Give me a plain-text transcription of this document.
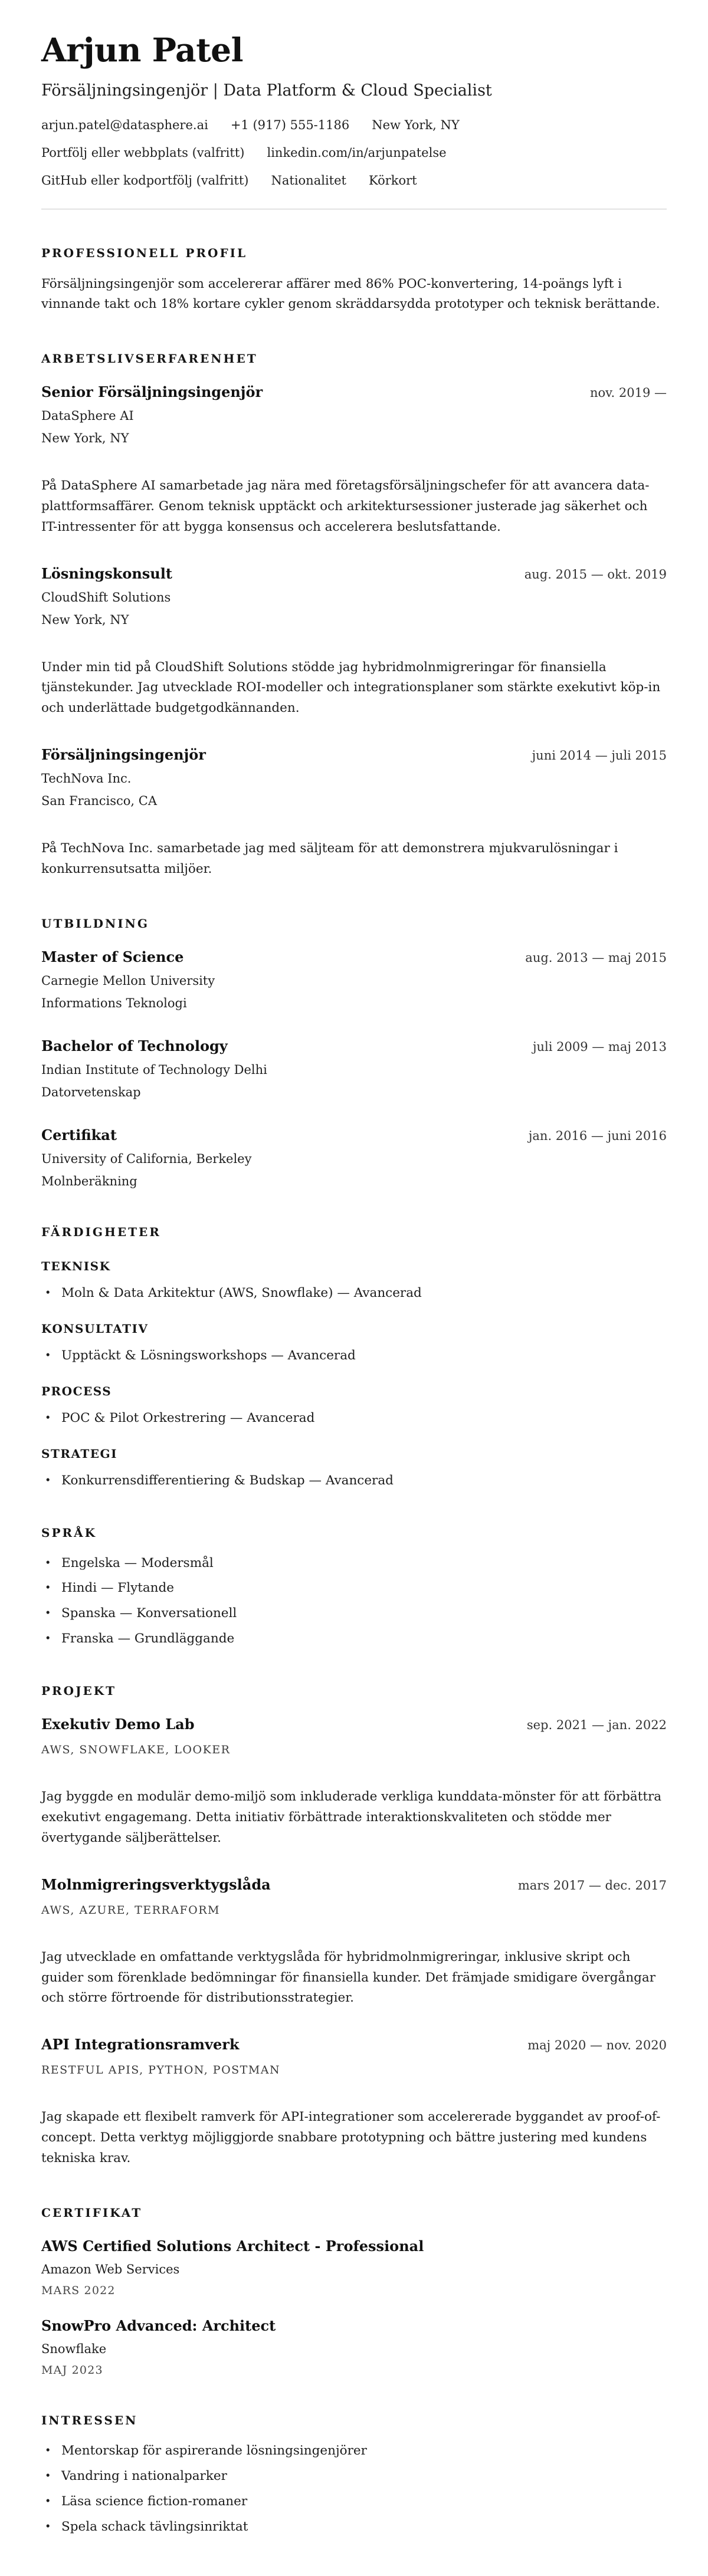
Arjun Patel
Försäljningsingenjör | Data Platform & Cloud Specialist
arjun.patel@datasphere.ai +1 (917) 555-1186 New York, NY
Portfölj eller webbplats (valfritt) linkedin.com/in/arjunpatelse
GitHub eller kodportfölj (valfritt) Nationalitet Körkort
PROFESSIONELL PROFIL

Försäljningsingenjör som accelererar affärer med 86% POC-konvertering, 14-poängs lyft i vinnande takt och 18% kortare cykler genom skräddarsydda prototyper och teknisk berättande.

ARBETSLIVSERFARENHET
Senior Försäljningsingenjör	nov. 2019 —
DataSphere AI
New York, NY

På DataSphere AI samarbetade jag nära med företagsförsäljningschefer för att avancera data-plattformsaffärer. Genom teknisk upptäckt och arkitektursessioner justerade jag säkerhet och IT-intressenter för att bygga konsensus och accelerera beslutsfattande.

Lösningskonsult	aug. 2015 — okt. 2019
CloudShift Solutions
New York, NY

Under min tid på CloudShift Solutions stödde jag hybridmolnmigreringar för finansiella tjänstekunder. Jag utvecklade ROI-modeller och integrationsplaner som stärkte exekutivt köp-in och underlättade budgetgodkännanden.

Försäljningsingenjör	juni 2014 — juli 2015
TechNova Inc.
San Francisco, CA

På TechNova Inc. samarbetade jag med säljteam för att demonstrera mjukvarulösningar i konkurrensutsatta miljöer.

UTBILDNING
Master of Science	aug. 2013 — maj 2015
Carnegie Mellon University
Informations Teknologi
Bachelor of Technology	juli 2009 — maj 2013
Indian Institute of Technology Delhi
Datorvetenskap
Certifikat	jan. 2016 — juni 2016
University of California, Berkeley
Molnberäkning
FÄRDIGHETER
TEKNISK
• Moln & Data Arkitektur (AWS, Snowflake) — Avancerad
KONSULTATIV
• Upptäckt & Lösningsworkshops — Avancerad
PROCESS
• POC & Pilot Orkestrering — Avancerad
STRATEGI
• Konkurrensdifferentiering & Budskap — Avancerad
SPRÅK
• Engelska — Modersmål
• Hindi — Flytande
• Spanska — Konversationell
• Franska — Grundläggande
PROJEKT
Exekutiv Demo Lab	sep. 2021 — jan. 2022
AWS, SNOWFLAKE, LOOKER

Jag byggde en modulär demo-miljö som inkluderade verkliga kunddata-mönster för att förbättra exekutivt engagemang. Detta initiativ förbättrade interaktionskvaliteten och stödde mer övertygande säljberättelser.

Molnmigreringsverktygslåda	mars 2017 — dec. 2017
AWS, AZURE, TERRAFORM

Jag utvecklade en omfattande verktygslåda för hybridmolnmigreringar, inklusive skript och guider som förenklade bedömningar för finansiella kunder. Det främjade smidigare övergångar och större förtroende för distributionsstrategier.

API Integrationsramverk	maj 2020 — nov. 2020
RESTFUL APIS, PYTHON, POSTMAN

Jag skapade ett flexibelt ramverk för API-integrationer som accelererade byggandet av proof-of-concept. Detta verktyg möjliggjorde snabbare prototypning och bättre justering med kundens tekniska krav.

CERTIFIKAT
AWS Certified Solutions Architect - Professional
Amazon Web Services
MARS 2022
SnowPro Advanced: Architect
Snowflake
MAJ 2023
INTRESSEN
• Mentorskap för aspirerande lösningsingenjörer
• Vandring i nationalparker
• Läsa science fiction-romaner
• Spela schack tävlingsinriktat
